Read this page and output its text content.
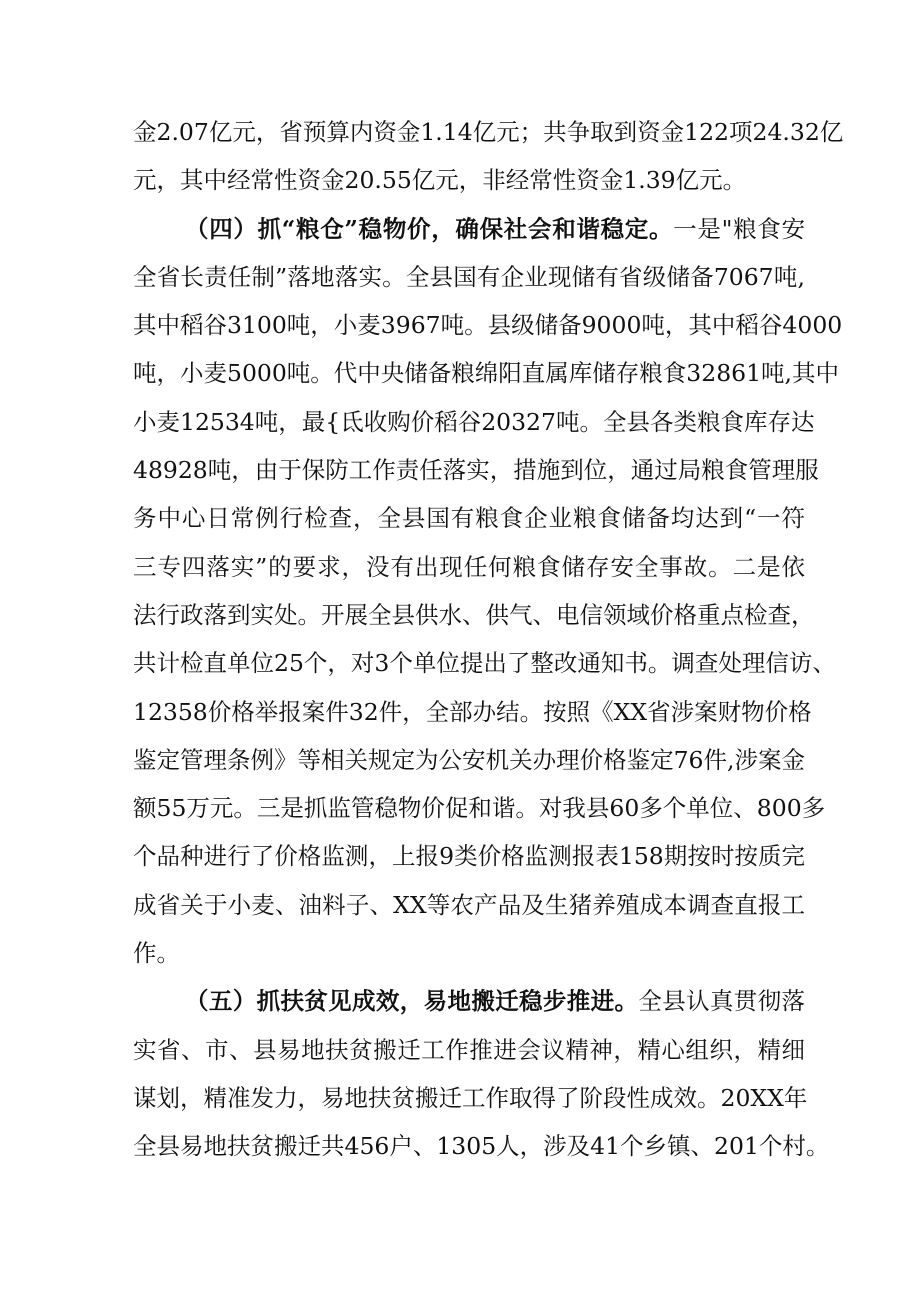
金2.07亿元，省预算内资金1.14亿元；共争取到资金122项24.32亿
元，其中经常性资金20.55亿元，非经常性资金1.39亿元。
（四）抓“粮仓”稳物价，确保社会和谐稳定。一是"粮食安
全省长责任制”落地落实。全县国有企业现储有省级储备7067吨,
其中稻谷3100吨，小麦3967吨。县级储备9000吨，其中稻谷4000
吨，小麦5000吨。代中央储备粮绵阳直属库储存粮食32861吨,其中
小麦12534吨，最{氐收购价稻谷20327吨。全县各类粮食库存达
48928吨，由于保防工作责任落实，措施到位，通过局粮食管理服
务中心日常例行检查，全县国有粮食企业粮食储备均达到“一符
三专四落实”的要求，没有出现任何粮食储存安全事故。二是依
法行政落到实处。开展全县供水、供气、电信领域价格重点检查，
共计检直单位25个，对3个单位提出了整改通知书。调查处理信访、
12358价格举报案件32件，全部办结。按照《XX省涉案财物价格
鉴定管理条例》等相关规定为公安机关办理价格鉴定76件,涉案金
额55万元。三是抓监管稳物价促和谐。对我县60多个单位、800多
个品种进行了价格监测，上报9类价格监测报表158期按时按质完
成省关于小麦、油料子、XX等农产品及生猪养殖成本调查直报工
作。
（五）抓扶贫见成效，易地搬迁稳步推进。全县认真贯彻落
实省、市、县易地扶贫搬迁工作推进会议精神，精心组织，精细
谋划，精准发力，易地扶贫搬迁工作取得了阶段性成效。20XX年
全县易地扶贫搬迁共456户、1305人，涉及41个乡镇、201个村。
